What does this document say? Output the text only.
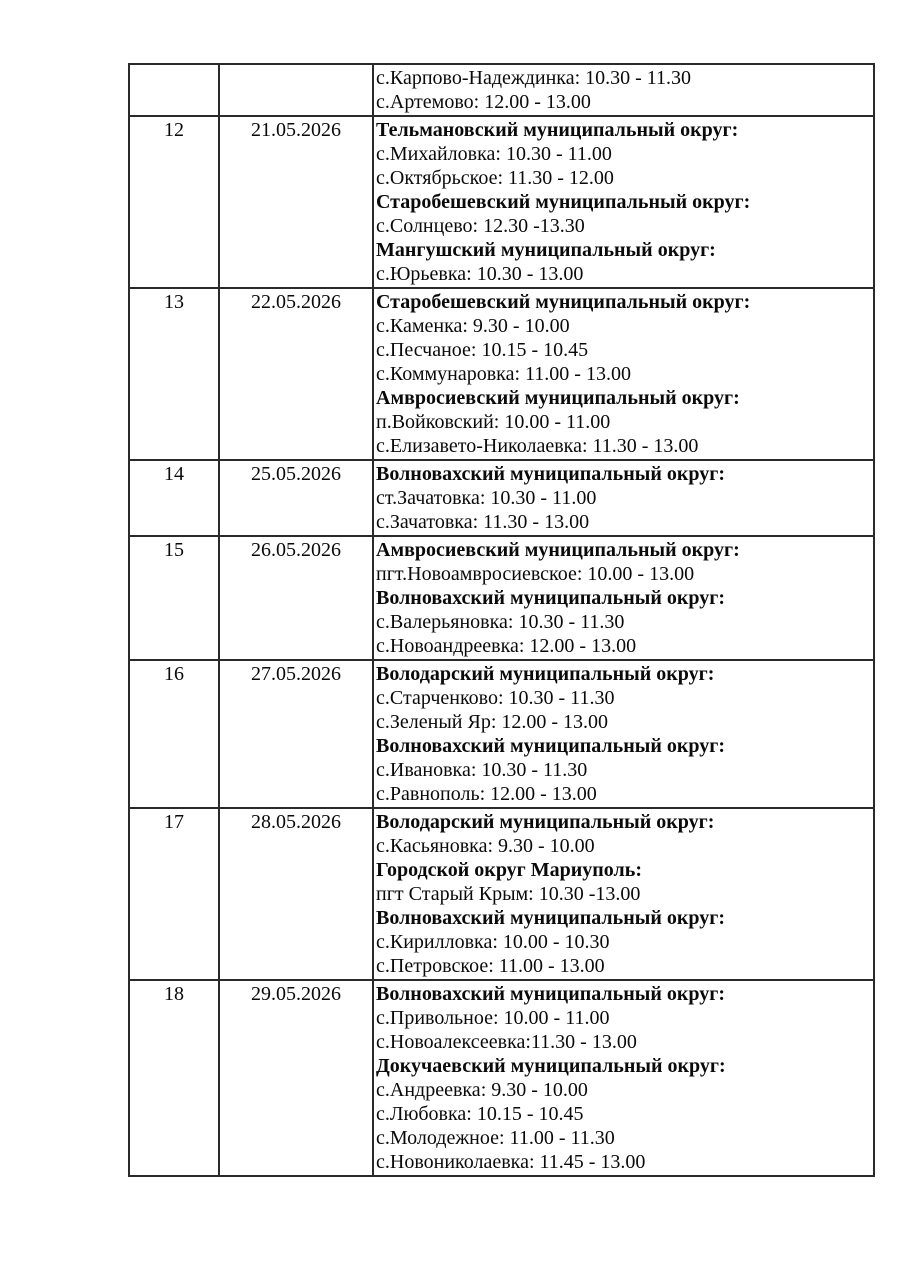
		с.Карпово-Надеждинка: 10.30 - 11.30
с.Артемово: 12.00 - 13.00

12	21.05.2026	Тельмановский муниципальный округ:
с.Михайловка: 10.30 - 11.00
с.Октябрьское: 11.30 - 12.00
Старобешевский муниципальный округ:
с.Солнцево: 12.30 -13.30
Мангушский муниципальный округ:
с.Юрьевка: 10.30 - 13.00

13	22.05.2026	Старобешевский муниципальный округ:
с.Каменка: 9.30 - 10.00
с.Песчаное: 10.15 - 10.45
с.Коммунаровка: 11.00 - 13.00
Амвросиевский муниципальный округ:
п.Войковский: 10.00 - 11.00
с.Елизавето-Николаевка: 11.30 - 13.00

14	25.05.2026	Волновахский муниципальный округ:
ст.Зачатовка: 10.30 - 11.00
с.Зачатовка: 11.30 - 13.00

15	26.05.2026	Амвросиевский муниципальный округ:
пгт.Новоамвросиевское: 10.00 - 13.00
Волновахский муниципальный округ:
с.Валерьяновка: 10.30 - 11.30
с.Новоандреевка: 12.00 - 13.00

16	27.05.2026	Володарский муниципальный округ:
с.Старченково: 10.30 - 11.30
с.Зеленый Яр: 12.00 - 13.00
Волновахский муниципальный округ:
с.Ивановка: 10.30 - 11.30
с.Равнополь: 12.00 - 13.00

17	28.05.2026	Володарский муниципальный округ:
с.Касьяновка: 9.30 - 10.00
Городской округ Мариуполь:
пгт Старый Крым: 10.30 -13.00
Волновахский муниципальный округ:
с.Кирилловка: 10.00 - 10.30
с.Петровское: 11.00 - 13.00

18	29.05.2026	Волновахский муниципальный округ:
с.Привольное: 10.00 - 11.00
с.Новоалексеевка:11.30 - 13.00
Докучаевский муниципальный округ:
с.Андреевка: 9.30 - 10.00
с.Любовка: 10.15 - 10.45
с.Молодежное: 11.00 - 11.30
с.Новониколаевка: 11.45 - 13.00
